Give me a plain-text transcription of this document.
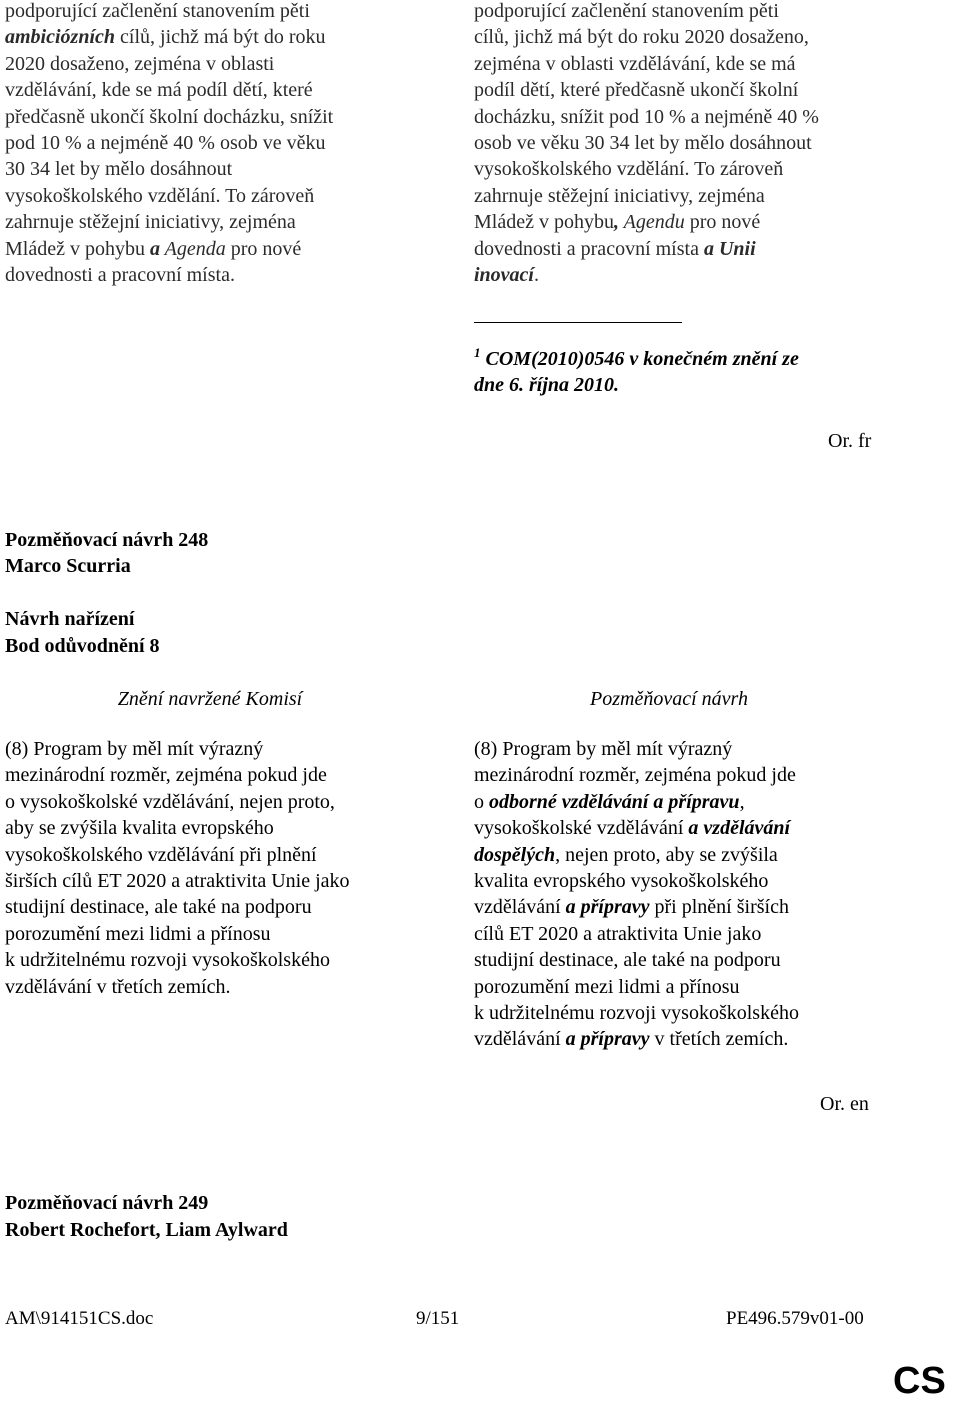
podporující začlenění stanovením pěti

ambiciózních cílů, jichž má být do roku

2020 dosaženo, zejména v oblasti

vzdělávání, kde se má podíl dětí, které

předčasně ukončí školní docházku, snížit

pod 10 % a nejméně 40 % osob ve věku

30 34 let by mělo dosáhnout

vysokoškolského vzdělání. To zároveň

zahrnuje stěžejní iniciativy, zejména

Mládež v pohybu a Agenda pro nové

dovednosti a pracovní místa.

podporující začlenění stanovením pěti

cílů, jichž má být do roku 2020 dosaženo,

zejména v oblasti vzdělávání, kde se má

podíl dětí, které předčasně ukončí školní

docházku, snížit pod 10 % a nejméně 40 %

osob ve věku 30 34 let by mělo dosáhnout

vysokoškolského vzdělání. To zároveň

zahrnuje stěžejní iniciativy, zejména

Mládež v pohybu, Agendu pro nové

dovednosti a pracovní místa a Unii

inovací.

$^1$ COM(2010)0546 v konečném znění ze

dne 6. října 2010.

Or. fr
Pozměňovací návrh 248
Marco Scurria
Návrh nařízení
Bod odůvodnění 8
Znění navržené Komisí	Pozměňovací návrh

(8) Program by měl mít výrazný

mezinárodní rozměr, zejména pokud jde

o vysokoškolské vzdělávání, nejen proto,

aby se zvýšila kvalita evropského

vysokoškolského vzdělávání při plnění

širších cílů ET 2020 a atraktivita Unie jako

studijní destinace, ale také na podporu

porozumění mezi lidmi a přínosu

k udržitelnému rozvoji vysokoškolského

vzdělávání v třetích zemích.

(8) Program by měl mít výrazný

mezinárodní rozměr, zejména pokud jde

o odborné vzdělávání a přípravu,

vysokoškolské vzdělávání a vzdělávání

dospělých, nejen proto, aby se zvýšila

kvalita evropského vysokoškolského

vzdělávání a přípravy při plnění širších

cílů ET 2020 a atraktivita Unie jako

studijní destinace, ale také na podporu

porozumění mezi lidmi a přínosu

k udržitelnému rozvoji vysokoškolského

vzdělávání a přípravy v třetích zemích.

Or. en
Pozměňovací návrh 249
Robert Rochefort, Liam Aylward
AM\914151CS.doc	9/151	PE496.579v01-00
CS
